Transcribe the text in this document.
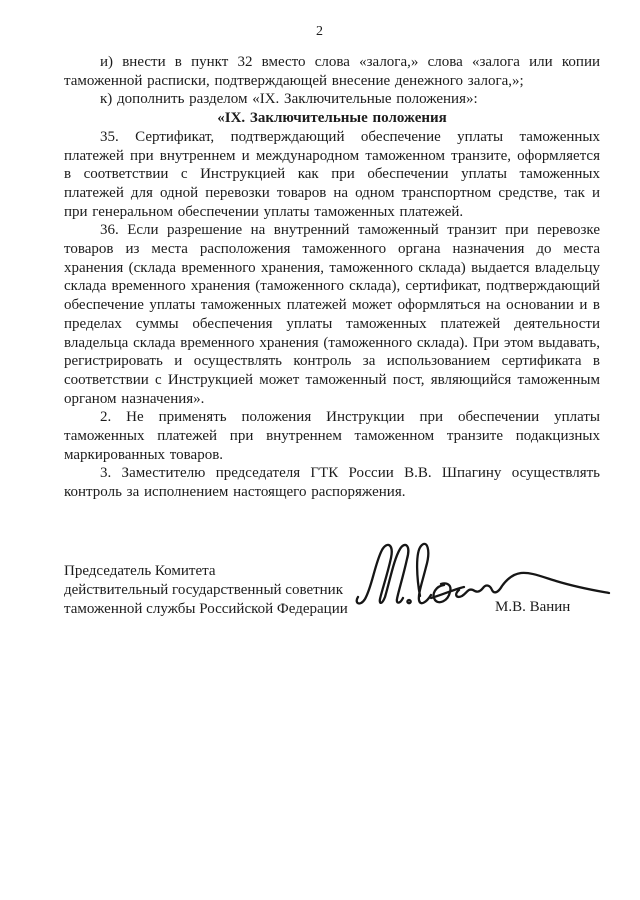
2

и) внести в пункт 32 вместо слова «залога,» слова «залога или копии таможенной расписки, подтверждающей внесение денежного залога,»;

к) дополнить разделом «IX. Заключительные положения»:

«IX. Заключительные положения

35. Сертификат, подтверждающий обеспечение уплаты таможенных платежей при внутреннем и международном таможенном транзите, оформляется в соответствии с Инструкцией как при обеспечении уплаты таможенных платежей для одной перевозки товаров на одном транспортном средстве, так и при генеральном обеспечении уплаты таможенных платежей.

36. Если разрешение на внутренний таможенный транзит при перевозке товаров из места расположения таможенного органа назначения до места хранения (склада временного хранения, таможенного склада) выдается владельцу склада временного хранения (таможенного склада), сертификат, подтверждающий обеспечение уплаты таможенных платежей может оформляться на основании и в пределах суммы обеспечения уплаты таможенных платежей деятельности владельца склада временного хранения (таможенного склада). При этом выдавать, регистрировать и осуществлять контроль за использованием сертификата в соответствии с Инструкцией может таможенный пост, являющийся таможенным органом назначения».

2. Не применять положения Инструкции при обеспечении уплаты таможенных платежей при внутреннем таможенном транзите подакцизных маркированных товаров.

3. Заместителю председателя ГТК России В.В. Шпагину осуществлять контроль за исполнением настоящего распоряжения.

Председатель Комитета
действительный государственный советник
таможенной службы Российской Федерации	М.В. Ванин
